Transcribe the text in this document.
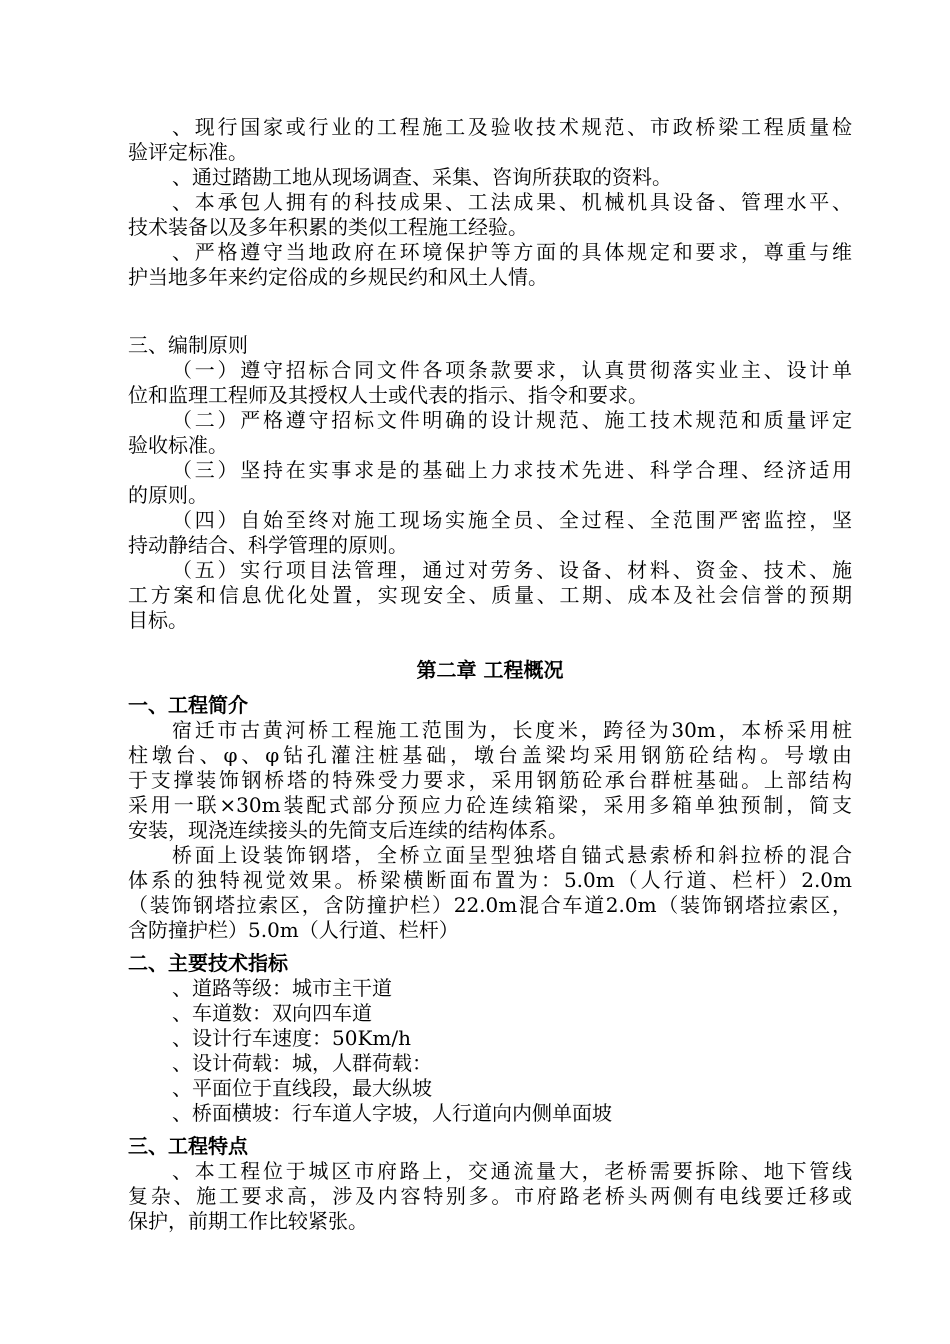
、现行国家或行业的工程施工及验收技术规范、市政桥梁工程质量检
验评定标准。
、通过踏勘工地从现场调查、采集、咨询所获取的资料。
、本承包人拥有的科技成果、工法成果、机械机具设备、管理水平、
技术装备以及多年积累的类似工程施工经验。
、严格遵守当地政府在环境保护等方面的具体规定和要求，尊重与维
护当地多年来约定俗成的乡规民约和风土人情。
三、编制原则
（一）遵守招标合同文件各项条款要求，认真贯彻落实业主、设计单
位和监理工程师及其授权人士或代表的指示、指令和要求。
（二）严格遵守招标文件明确的设计规范、施工技术规范和质量评定
验收标准。
（三）坚持在实事求是的基础上力求技术先进、科学合理、经济适用
的原则。
（四）自始至终对施工现场实施全员、全过程、全范围严密监控，坚
持动静结合、科学管理的原则。
（五）实行项目法管理，通过对劳务、设备、材料、资金、技术、施
工方案和信息优化处置，实现安全、质量、工期、成本及社会信誉的预期
目标。
第二章 工程概况
一、工程简介
宿迁市古黄河桥工程施工范围为，长度米，跨径为30m，本桥采用桩
柱墩台、φ、φ钻孔灌注桩基础，墩台盖梁均采用钢筋砼结构。号墩由
于支撑装饰钢桥塔的特殊受力要求，采用钢筋砼承台群桩基础。上部结构
采用一联×30m装配式部分预应力砼连续箱梁，采用多箱单独预制，简支
安装，现浇连续接头的先简支后连续的结构体系。
桥面上设装饰钢塔，全桥立面呈型独塔自锚式悬索桥和斜拉桥的混合
体系的独特视觉效果。桥梁横断面布置为：5.0m（人行道、栏杆）2.0m
（装饰钢塔拉索区，含防撞护栏）22.0m混合车道2.0m（装饰钢塔拉索区，
含防撞护栏）5.0m（人行道、栏杆）
二、主要技术指标
、道路等级：城市主干道
、车道数：双向四车道
、设计行车速度：50Km/h
、设计荷载：城，人群荷载：
、平面位于直线段，最大纵坡
、桥面横坡：行车道人字坡，人行道向内侧单面坡
三、工程特点
、本工程位于城区市府路上，交通流量大，老桥需要拆除、地下管线
复杂、施工要求高，涉及内容特别多。市府路老桥头两侧有电线要迁移或
保护，前期工作比较紧张。
